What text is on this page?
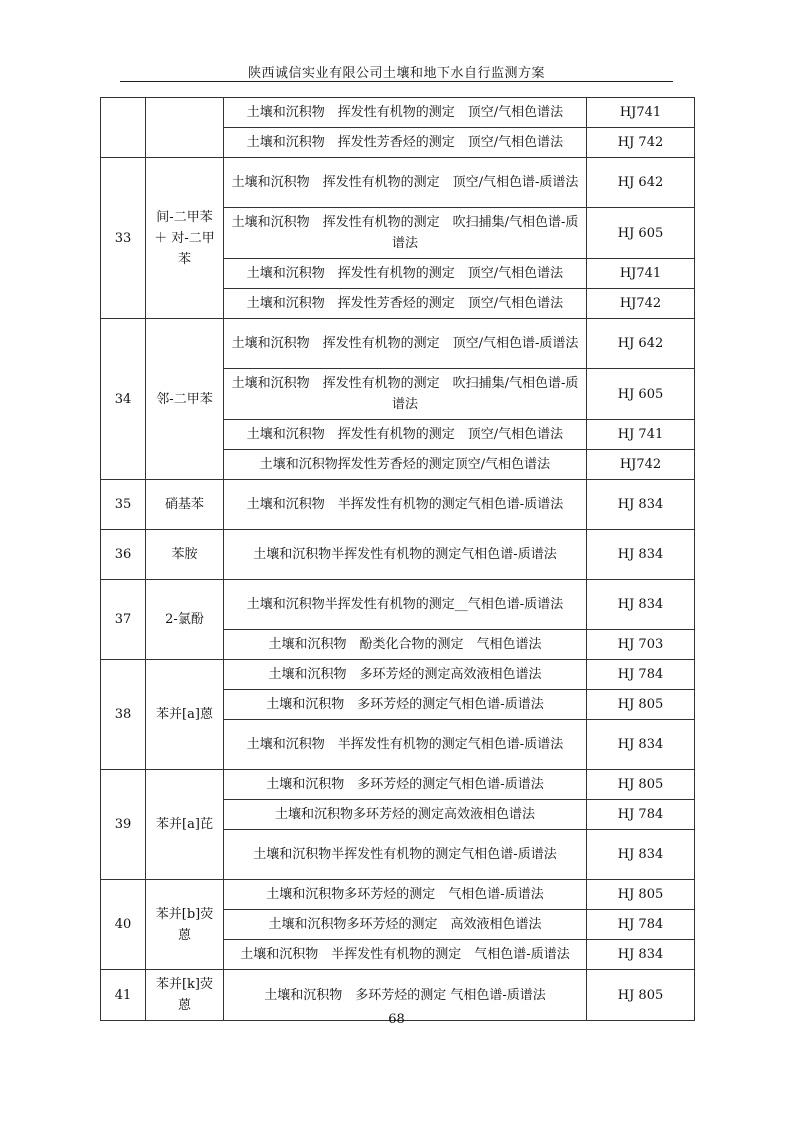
陕西诚信实业有限公司土壤和地下水自行监测方案
		土壤和沉积物　挥发性有机物的测定　顶空/气相色谱法	HJ741
		土壤和沉积物　挥发性芳香烃的测定　顶空/气相色谱法	HJ 742
33	间-二甲苯＋ 对-二甲苯	土壤和沉积物　挥发性有机物的测定　顶空/气相色谱-质谱法	HJ 642
		土壤和沉积物　挥发性有机物的测定　吹扫捕集/气相色谱-质谱法	HJ 605
		土壤和沉积物　挥发性有机物的测定　顶空/气相色谱法	HJ741
		土壤和沉积物　挥发性芳香烃的测定　顶空/气相色谱法	HJ742
34	邻-二甲苯	土壤和沉积物　挥发性有机物的测定　顶空/气相色谱-质谱法	HJ 642
		土壤和沉积物　挥发性有机物的测定　吹扫捕集/气相色谱-质谱法	HJ 605
		土壤和沉积物　挥发性有机物的测定　顶空/气相色谱法	HJ 741
		土壤和沉积物挥发性芳香烃的测定顶空/气相色谱法	HJ742
35	硝基苯	土壤和沉积物　半挥发性有机物的测定气相色谱-质谱法	HJ 834
36	苯胺	土壤和沉积物半挥发性有机物的测定气相色谱-质谱法	HJ 834
37	2-氯酚	土壤和沉积物半挥发性有机物的测定__气相色谱-质谱法	HJ 834
		土壤和沉积物　酚类化合物的测定　气相色谱法	HJ 703
38	苯并[a]蒽	土壤和沉积物　多环芳烃的测定高效液相色谱法	HJ 784
		土壤和沉积物　多环芳烃的测定气相色谱-质谱法	HJ 805
		土壤和沉积物　半挥发性有机物的测定气相色谱-质谱法	HJ 834
39	苯并[a]芘	土壤和沉积物　多环芳烃的测定气相色谱-质谱法	HJ 805
		土壤和沉积物多环芳烃的测定高效液相色谱法	HJ 784
		土壤和沉积物半挥发性有机物的测定气相色谱-质谱法	HJ 834
40	苯并[b]荧蒽	土壤和沉积物多环芳烃的测定　气相色谱-质谱法	HJ 805
		土壤和沉积物多环芳烃的测定　高效液相色谱法	HJ 784
		土壤和沉积物　半挥发性有机物的测定　气相色谱-质谱法	HJ 834
41	苯并[k]荧蒽	土壤和沉积物　多环芳烃的测定 气相色谱-质谱法	HJ 805
68
